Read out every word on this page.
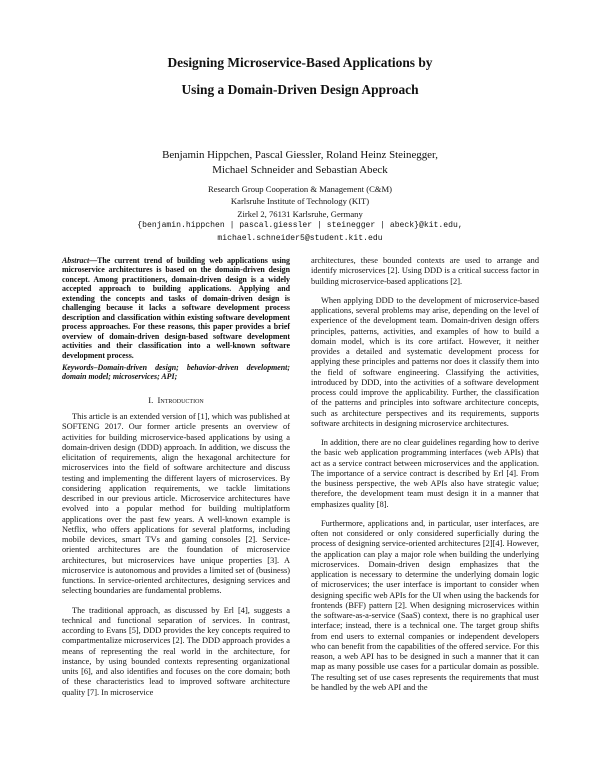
Designing Microservice-Based Applications by
Using a Domain-Driven Design Approach
Benjamin Hippchen, Pascal Giessler, Roland Heinz Steinegger,
Michael Schneider and Sebastian Abeck
Research Group Cooperation & Management (C&M)
Karlsruhe Institute of Technology (KIT)
Zirkel 2, 76131 Karlsruhe, Germany
{benjamin.hippchen | pascal.giessler | steinegger | abeck}@kit.edu,
michael.schneider5@student.kit.edu
Abstract—The current trend of building web applications using microservice architectures is based on the domain-driven design concept. Among practitioners, domain-driven design is a widely accepted approach to building applications. Applying and extending the concepts and tasks of domain-driven design is challenging because it lacks a software development process description and classification within existing software development process approaches. For these reasons, this paper provides a brief overview of domain-driven design-based software development activities and their classification into a well-known software development process.
Keywords–Domain-driven design; behavior-driven development; domain model; microservices; API;
I. Introduction

This article is an extended version of [1], which was published at SOFTENG 2017. Our former article presents an overview of activities for building microservice-based applications by using a domain-driven design (DDD) approach. In addition, we discuss the elicitation of requirements, align the hexagonal architecture for microservices into the field of software architecture and discuss testing and implementing the different layers of microservices. By considering application requirements, we tackle limitations described in our previous article. Microservice architectures have evolved into a popular method for building multiplatform applications over the past few years. A well-known example is Netflix, who offers applications for several platforms, including mobile devices, smart TVs and gaming consoles [2]. Service-oriented architectures are the foundation of microservice architectures, but microservices have unique properties [3]. A microservice is autonomous and provides a limited set of (business) functions. In service-oriented architectures, designing services and selecting boundaries are fundamental problems.

The traditional approach, as discussed by Erl [4], suggests a technical and functional separation of services. In contrast, according to Evans [5], DDD provides the key concepts required to compartmentalize microservices [2]. The DDD approach provides a means of representing the real world in the architecture, for instance, by using bounded contexts representing organizational units [6], and also identifies and focuses on the core domain; both of these characteristics lead to improved software architecture quality [7]. In microservice

architectures, these bounded contexts are used to arrange and identify microservices [2]. Using DDD is a critical success factor in building microservice-based applications [2].

When applying DDD to the development of microservice-based applications, several problems may arise, depending on the level of experience of the development team. Domain-driven design offers principles, patterns, activities, and examples of how to build a domain model, which is its core artifact. However, it neither provides a detailed and systematic development process for applying these principles and patterns nor does it classify them into the field of software engineering. Classifying the activities, introduced by DDD, into the activities of a software development process could improve the applicability. Further, the classification of the patterns and principles into software architecture concepts, such as architecture perspectives and its requirements, supports software architects in designing microservice architectures.

In addition, there are no clear guidelines regarding how to derive the basic web application programming interfaces (web APIs) that act as a service contract between microservices and the application. The importance of a service contract is described by Erl [4]. From the business perspective, the web APIs also have strategic value; therefore, the development team must design it in a manner that emphasizes quality [8].

Furthermore, applications and, in particular, user interfaces, are often not considered or only considered superficially during the process of designing service-oriented architectures [2][4]. However, the application can play a major role when building the underlying microservices. Domain-driven design emphasizes that the application is necessary to determine the underlying domain logic of microservices; the user interface is important to consider when designing specific web APIs for the UI when using the backends for frontends (BFF) pattern [2]. When designing microservices within the software-as-a-service (SaaS) context, there is no graphical user interface; instead, there is a technical one. The target group shifts from end users to external companies or independent developers who can benefit from the capabilities of the offered service. For this reason, a web API has to be designed in such a manner that it can map as many possible use cases for a particular domain as possible. The resulting set of use cases represents the requirements that must be handled by the web API and the
